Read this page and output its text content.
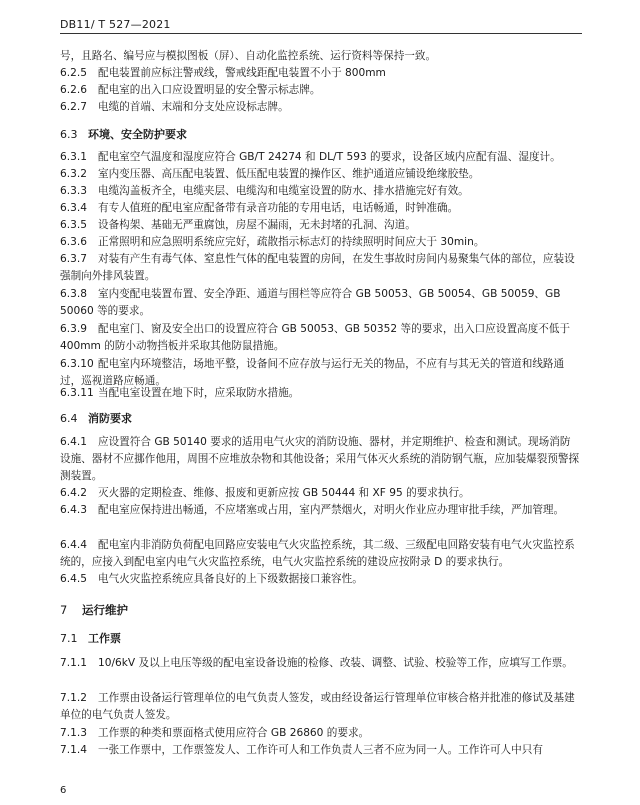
DB11/ T 527—2021
号，且路名、编号应与模拟图板（屏）、自动化监控系统、运行资料等保持一致。
6.2.5 配电装置前应标注警戒线，警戒线距配电装置不小于 800mm
6.2.6 配电室的出入口应设置明显的安全警示标志牌。
6.2.7 电缆的首端、末端和分支处应设标志牌。
6.3 环境、安全防护要求
6.3.1 配电室空气温度和湿度应符合 GB/T 24274 和 DL/T 593 的要求，设备区域内应配有温、湿度计。
6.3.2 室内变压器、高压配电装置、低压配电装置的操作区、维护通道应铺设绝缘胶垫。
6.3.3 电缆沟盖板齐全，电缆夹层、电缆沟和电缆室设置的防水、排水措施完好有效。
6.3.4 有专人值班的配电室应配备带有录音功能的专用电话，电话畅通，时钟准确。
6.3.5 设备构架、基础无严重腐蚀，房屋不漏雨，无未封堵的孔洞、沟道。
6.3.6 正常照明和应急照明系统应完好，疏散指示标志灯的持续照明时间应大于 30min。
6.3.7 对装有产生有毒气体、窒息性气体的配电装置的房间，在发生事故时房间内易聚集气体的部位，应装设强制向外排风装置。
6.3.8 室内变配电装置布置、安全净距、通道与围栏等应符合 GB 50053、GB 50054、GB 50059、GB 50060 等的要求。
6.3.9 配电室门、窗及安全出口的设置应符合 GB 50053、GB 50352 等的要求，出入口应设置高度不低于 400mm 的防小动物挡板并采取其他防鼠措施。
6.3.10 配电室内环境整洁，场地平整，设备间不应存放与运行无关的物品，不应有与其无关的管道和线路通过，巡视道路应畅通。
6.3.11 当配电室设置在地下时，应采取防水措施。
6.4 消防要求
6.4.1 应设置符合 GB 50140 要求的适用电气火灾的消防设施、器材，并定期维护、检查和测试。现场消防设施、器材不应挪作他用，周围不应堆放杂物和其他设备；采用气体灭火系统的消防钢气瓶，应加装爆裂预警探测装置。
6.4.2 灭火器的定期检查、维修、报废和更新应按 GB 50444 和 XF 95 的要求执行。
6.4.3 配电室应保持进出畅通，不应堵塞或占用，室内严禁烟火，对明火作业应办理审批手续，严加管理。
6.4.4 配电室内非消防负荷配电回路应安装电气火灾监控系统，其二级、三级配电回路安装有电气火灾监控系统的，应接入到配电室内电气火灾监控系统，电气火灾监控系统的建设应按附录 D 的要求执行。
6.4.5 电气火灾监控系统应具备良好的上下级数据接口兼容性。
7 运行维护
7.1 工作票
7.1.1 10/6kV 及以上电压等级的配电室设备设施的检修、改装、调整、试验、校验等工作，应填写工作票。
7.1.2 工作票由设备运行管理单位的电气负责人签发，或由经设备运行管理单位审核合格并批准的修试及基建单位的电气负责人签发。
7.1.3 工作票的种类和票面格式使用应符合 GB 26860 的要求。
7.1.4 一张工作票中，工作票签发人、工作许可人和工作负责人三者不应为同一人。工作许可人中只有
6
